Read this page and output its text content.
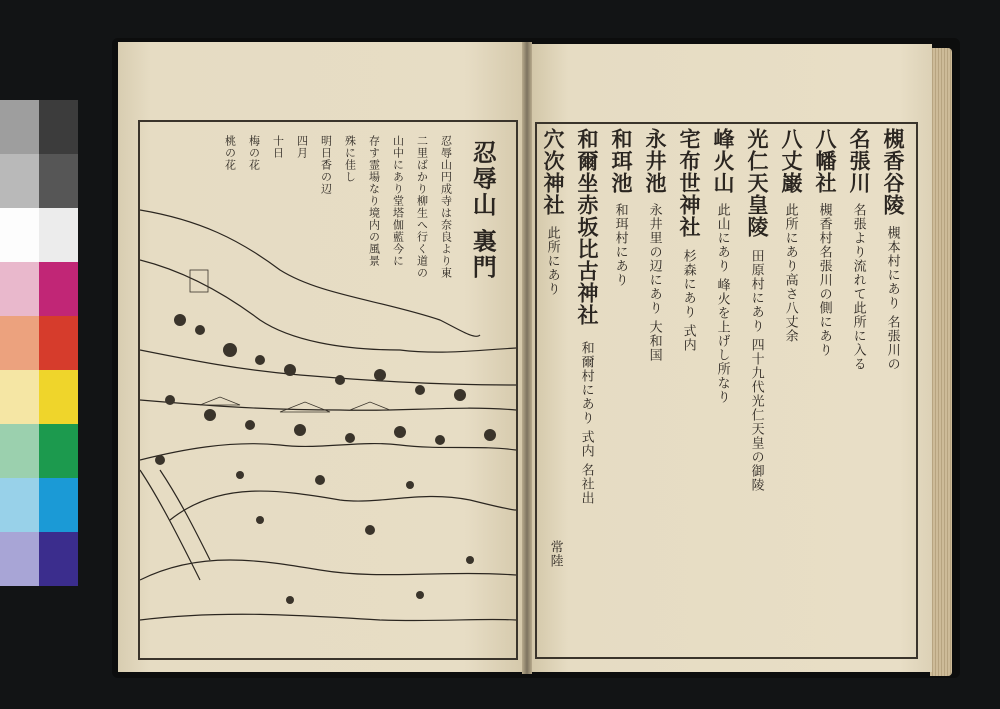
忍辱山 裏門
忍辱山円成寺は奈良より東
二里ばかり柳生へ行く道の
山中にあり堂塔伽藍今に
存す霊場なり境内の風景
殊に佳し
明日香の辺
四月
十日
梅の花
桃の花	槻香谷陵
槻本村にあり 名張川の
名張川
名張より流れて此所に入る
八幡社
槻香村名張川の側にあり
八丈巌
此所にあり高さ八丈余
光仁天皇陵
田原村にあり 四十九代光仁天皇の御陵
峰火山
此山にあり 峰火を上げし所なり
宅布世神社
杉森にあり 式内
永井池
永井里の辺にあり 大和国
和珥池
和珥村にあり
和爾坐赤坂比古神社
和爾村にあり 式内 名社出
穴次神社
此所にあり
常陸
